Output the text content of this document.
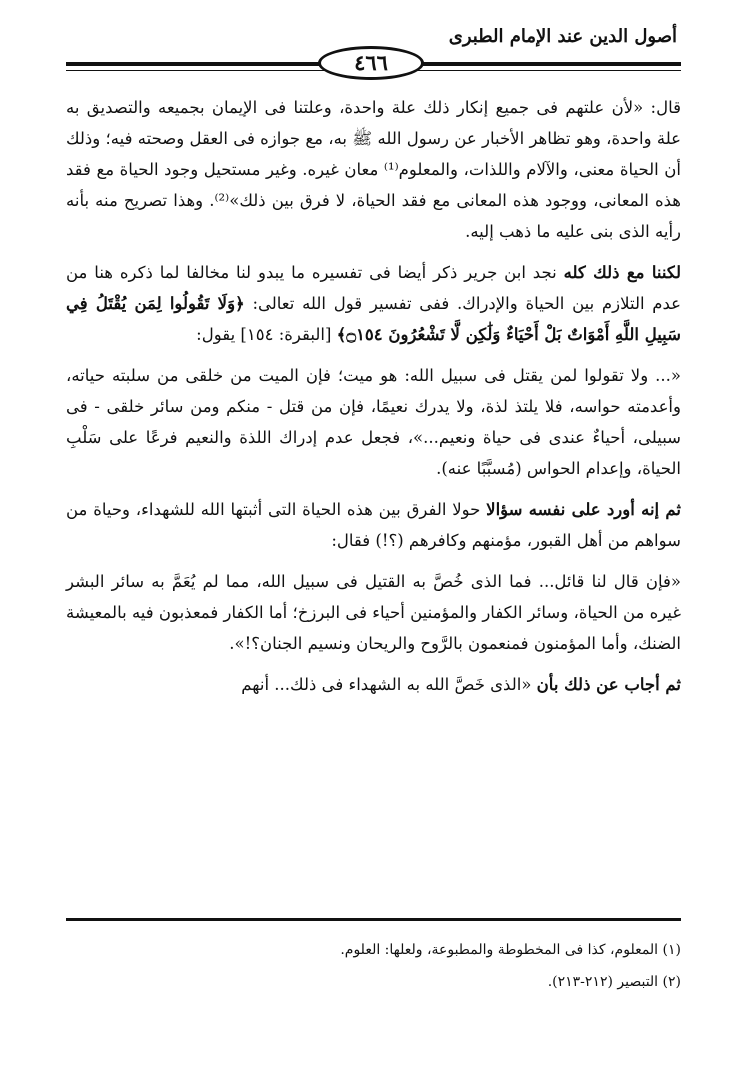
أصول الدين عند الإمام الطبرى
٤٦٦

قال: «لأن علتهم فى جميع إنكار ذلك علة واحدة، وعلتنا فى الإيمان بجميعه والتصديق به علة واحدة، وهو تظاهر الأخبار عن رسول الله ﷺ به، مع جوازه فى العقل وصحته فيه؛ وذلك أن الحياة معنى، والآلام واللذات، والمعلوم⁽¹⁾ معان غيره. وغير مستحيل وجود الحياة مع فقد هذه المعانى، ووجود هذه المعانى مع فقد الحياة، لا فرق بين ذلك»⁽²⁾. وهذا تصريح منه بأنه رأيه الذى بنى عليه ما ذهب إليه.

لكننا مع ذلك كله نجد ابن جرير ذكر أيضا فى تفسيره ما يبدو لنا مخالفا لما ذكره هنا من عدم التلازم بين الحياة والإدراك. ففى تفسير قول الله تعالى: ﴿وَلَا تَقُولُوا لِمَن يُقْتَلُ فِي سَبِيلِ اللَّهِ أَمْوَاتٌ بَلْ أَحْيَاءٌ وَلَٰكِن لَّا تَشْعُرُونَ ۝١٥٤﴾ [البقرة: ١٥٤] يقول:

«... ولا تقولوا لمن يقتل فى سبيل الله: هو ميت؛ فإن الميت من خلقى من سلبته حياته، وأعدمته حواسه، فلا يلتذ لذة، ولا يدرك نعيمًا، فإن من قتل - منكم ومن سائر خلقى - فى سبيلى، أحياءٌ عندى فى حياة ونعيم...»، فجعل عدم إدراك اللذة والنعيم فرعًا على سَلْبِ الحياة، وإعدام الحواس (مُسبَّبًا عنه).

ثم إنه أورد على نفسه سؤالا حولا الفرق بين هذه الحياة التى أثبتها الله للشهداء، وحياة من سواهم من أهل القبور، مؤمنهم وكافرهم (؟!) فقال:

«فإن قال لنا قائل... فما الذى خُصَّ به القتيل فى سبيل الله، مما لم يُعَمَّ به سائر البشر غيره من الحياة، وسائر الكفار والمؤمنين أحياء فى البرزخ؛ أما الكفار فمعذبون فيه بالمعيشة الضنك، وأما المؤمنون فمنعمون بالرَّوح والريحان ونسيم الجنان؟!».

ثم أجاب عن ذلك بأن «الذى خَصَّ الله به الشهداء فى ذلك... أنهم

(١) المعلوم، كذا فى المخطوطة والمطبوعة، ولعلها: العلوم.

(٢) التبصير (٢١٢-٢١٣).
